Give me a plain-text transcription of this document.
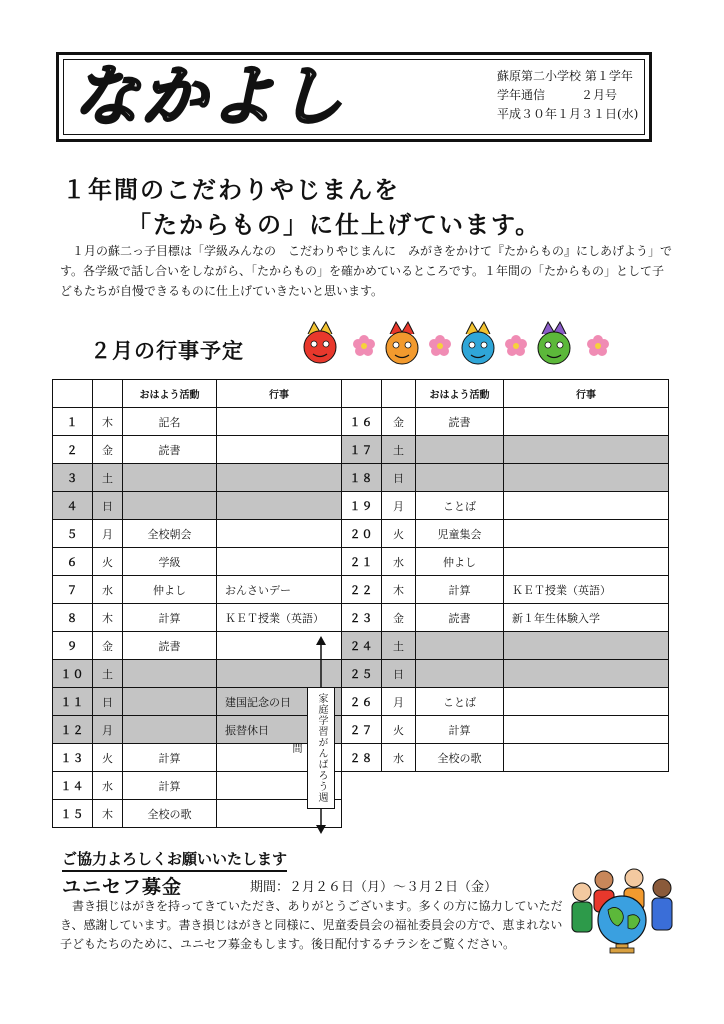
なかよし	蘇原第二小学校 第１学年
学年通信　　　２月号
平成３０年１月３１日(水)
１年間のこだわりやじまんを
「たからもの」に仕上げています。
　１月の蘇二っ子目標は「学級みんなの　こだわりやじまんに　みがきをかけて『たからもの』にしあげよう」です。各学級で話し合いをしながら、「たからもの」を確かめているところです。１年間の「たからもの」として子どもたちが自慢できるものに仕上げていきたいと思います。
２月の行事予定
		おはよう活動	行事			おはよう活動	行事
１	木	記名		１６	金	読書	
２	金	読書		１７	土		
３	土			１８	日		
４	日			１９	月	ことば	
５	月	全校朝会		２０	火	児童集会	
６	火	学級		２１	水	仲よし	
７	水	仲よし	おんさいデー	２２	木	計算	ＫＥＴ授業（英語）
８	木	計算	ＫＥＴ授業（英語）	２３	金	読書	新１年生体験入学
９	金	読書		２４	土		
１０	土			２５	日		
１１	日		建国記念の日	２６	月	ことば	
１２	月		振替休日	２７	火	計算	
１３	火	計算		２８	水	全校の歌	
１４	水	計算					
１５	木	全校の歌					
家庭学習がんばろう週間
ご協力よろしくお願いいたします
ユニセフ募金	期間：２月２６日（月）～３月２日（金）
　書き損じはがきを持ってきていただき、ありがとうございます。多くの方に協力していただき、感謝しています。書き損じはがきと同様に、児童委員会の福祉委員会の方で、恵まれない子どもたちのために、ユニセフ募金もします。後日配付するチラシをご覧ください。
